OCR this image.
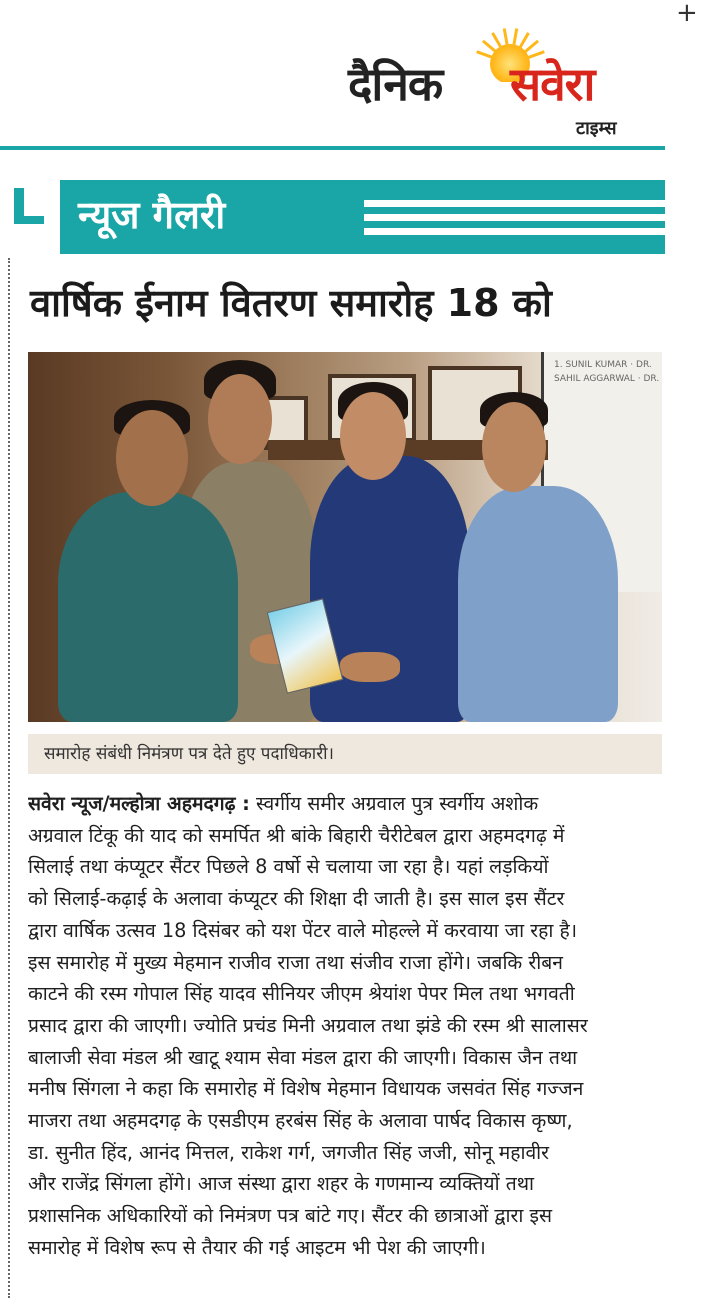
+
दैनिक सवेरा
टाइम्स
न्यूज गैलरी
वार्षिक ईनाम वितरण समारोह 18 को
1. SUNIL KUMAR · DR.
SAHIL AGGARWAL · DR.
समारोह संबंधी निमंत्रण पत्र देते हुए पदाधिकारी।
सवेरा न्यूज/मल्होत्रा अहमदगढ़ : स्वर्गीय समीर अग्रवाल पुत्र स्वर्गीय अशोक
अग्रवाल टिंकू की याद को समर्पित श्री बांके बिहारी चैरीटेबल द्वारा अहमदगढ़ में
सिलाई तथा कंप्यूटर सैंटर पिछले 8 वर्षो से चलाया जा रहा है। यहां लड़कियों
को सिलाई-कढ़ाई के अलावा कंप्यूटर की शिक्षा दी जाती है। इस साल इस सैंटर
द्वारा वार्षिक उत्सव 18 दिसंबर को यश पेंटर वाले मोहल्ले में करवाया जा रहा है।
इस समारोह में मुख्य मेहमान राजीव राजा तथा संजीव राजा होंगे। जबकि रीबन
काटने की रस्म गोपाल सिंह यादव सीनियर जीएम श्रेयांश पेपर मिल तथा भगवती
प्रसाद द्वारा की जाएगी। ज्योति प्रचंड मिनी अग्रवाल तथा झंडे की रस्म श्री सालासर
बालाजी सेवा मंडल श्री खाटू श्याम सेवा मंडल द्वारा की जाएगी। विकास जैन तथा
मनीष सिंगला ने कहा कि समारोह में विशेष मेहमान विधायक जसवंत सिंह गज्जन
माजरा तथा अहमदगढ़ के एसडीएम हरबंस सिंह के अलावा पार्षद विकास कृष्ण,
डा. सुनीत हिंद, आनंद मित्तल, राकेश गर्ग, जगजीत सिंह जजी, सोनू महावीर
और राजेंद्र सिंगला होंगे। आज संस्था द्वारा शहर के गणमान्य व्यक्तियों तथा
प्रशासनिक अधिकारियों को निमंत्रण पत्र बांटे गए। सैंटर की छात्राओं द्वारा इस
समारोह में विशेष रूप से तैयार की गई आइटम भी पेश की जाएगी।
